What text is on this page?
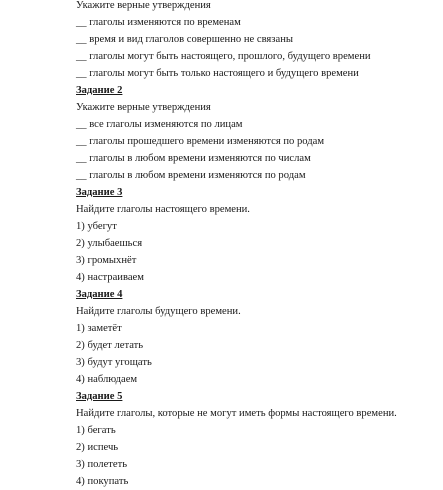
Укажите верные утверждения

__ глаголы изменяются по временам

__ время и вид глаголов совершенно не связаны

__ глаголы могут быть настоящего, прошлого, будущего времени

__ глаголы могут быть только настоящего и будущего времени

Задание 2

Укажите верные утверждения

__ все глаголы изменяются по лицам

__ глаголы прошедшего времени изменяются по родам

__ глаголы в любом времени изменяются по числам

__ глаголы в любом времени изменяются по родам

Задание 3

Найдите глаголы настоящего времени.

1) убегут

2) улыбаешься

3) громыхнёт

4) настраиваем

Задание 4

Найдите глаголы будущего времени.

1) заметёт

2) будет летать

3) будут угощать

4) наблюдаем

Задание 5

Найдите глаголы, которые не могут иметь формы настоящего времени.

1) бегать

2) испечь

3) полететь

4) покупать
